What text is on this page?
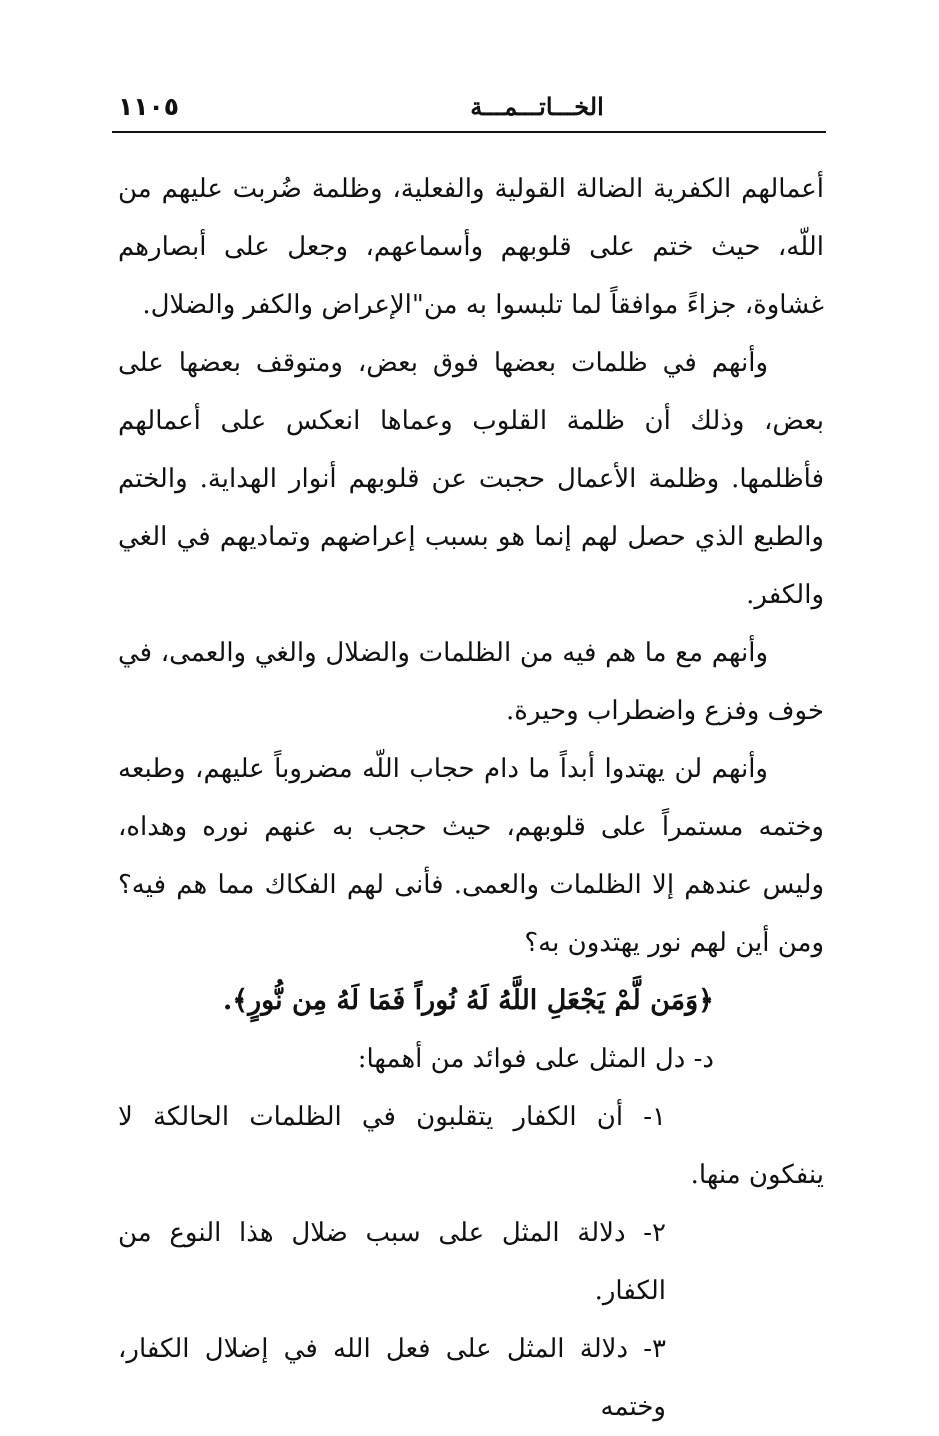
١١٠٥	الخـــاتـــمـــة

أعمالهم الكفرية الضالة القولية والفعلية، وظلمة ضُربت عليهم من اللّه، حيث ختم على قلوبهم وأسماعهم، وجعل على أبصارهم غشاوة، جزاءً موافقاً لما تلبسوا به من"الإعراض والكفر والضلال.

وأنهم في ظلمات بعضها فوق بعض، ومتوقف بعضها على بعض، وذلك أن ظلمة القلوب وعماها انعكس على أعمالهم فأظلمها. وظلمة الأعمال حجبت عن قلوبهم أنوار الهداية. والختم والطبع الذي حصل لهم إنما هو بسبب إعراضهم وتماديهم في الغي والكفر.

وأنهم مع ما هم فيه من الظلمات والضلال والغي والعمى، في خوف وفزع واضطراب وحيرة.

وأنهم لن يهتدوا أبداً ما دام حجاب اللّه مضروباً عليهم، وطبعه وختمه مستمراً على قلوبهم، حيث حجب به عنهم نوره وهداه، وليس عندهم إلا الظلمات والعمى. فأنى لهم الفكاك مما هم فيه؟ ومن أين لهم نور يهتدون به؟

﴿وَمَن لَّمْ يَجْعَلِ اللَّهُ لَهُ نُوراً فَمَا لَهُ مِن نُّورٍ﴾.

د- دل المثل على فوائد من أهمها:

١- أن الكفار يتقلبون في الظلمات الحالكة لا ينفكون منها.

٢- دلالة المثل على سبب ضلال هذا النوع من الكفار.

٣- دلالة المثل على فعل الله في إضلال الكفار، وختمه
